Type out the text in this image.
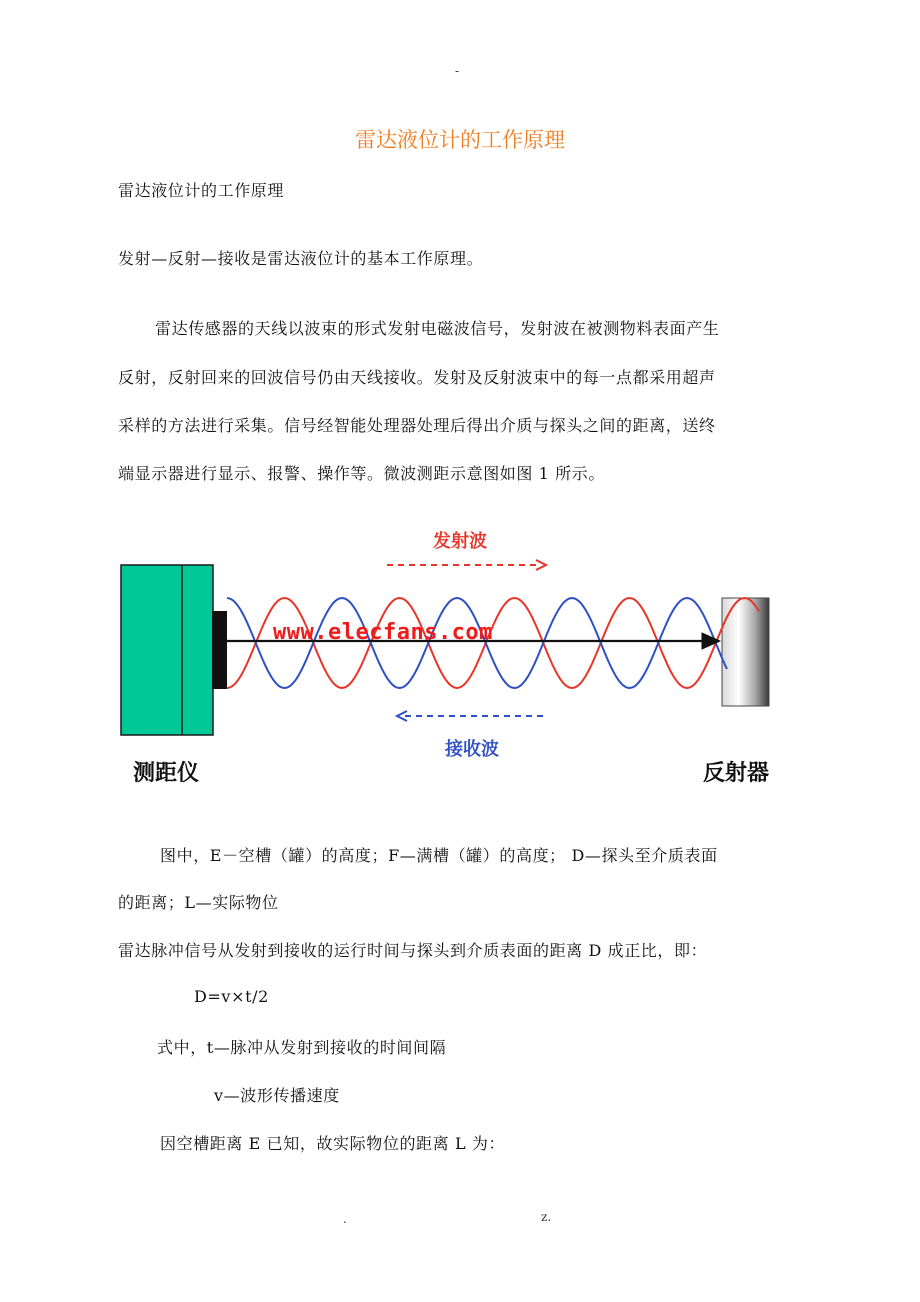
-
雷达液位计的工作原理
雷达液位计的工作原理
发射—反射—接收是雷达液位计的基本工作原理。
雷达传感器的天线以波束的形式发射电磁波信号，发射波在被测物料表面产生
反射，反射回来的回波信号仍由天线接收。发射及反射波束中的每一点都采用超声
采样的方法进行采集。信号经智能处理器处理后得出介质与探头之间的距离，送终
端显示器进行显示、报警、操作等。微波测距示意图如图 1 所示。
发射波
www.elecfans.com
接收波
测距仪	反射器
图中，E－空槽（罐）的高度；F—满槽（罐）的高度； D—探头至介质表面
的距离；L—实际物位
雷达脉冲信号从发射到接收的运行时间与探头到介质表面的距离 D 成正比，即：
D=v×t/2
式中，t—脉冲从发射到接收的时间间隔
v—波形传播速度
因空槽距离 E 已知，故实际物位的距离 L 为：
.	z.
